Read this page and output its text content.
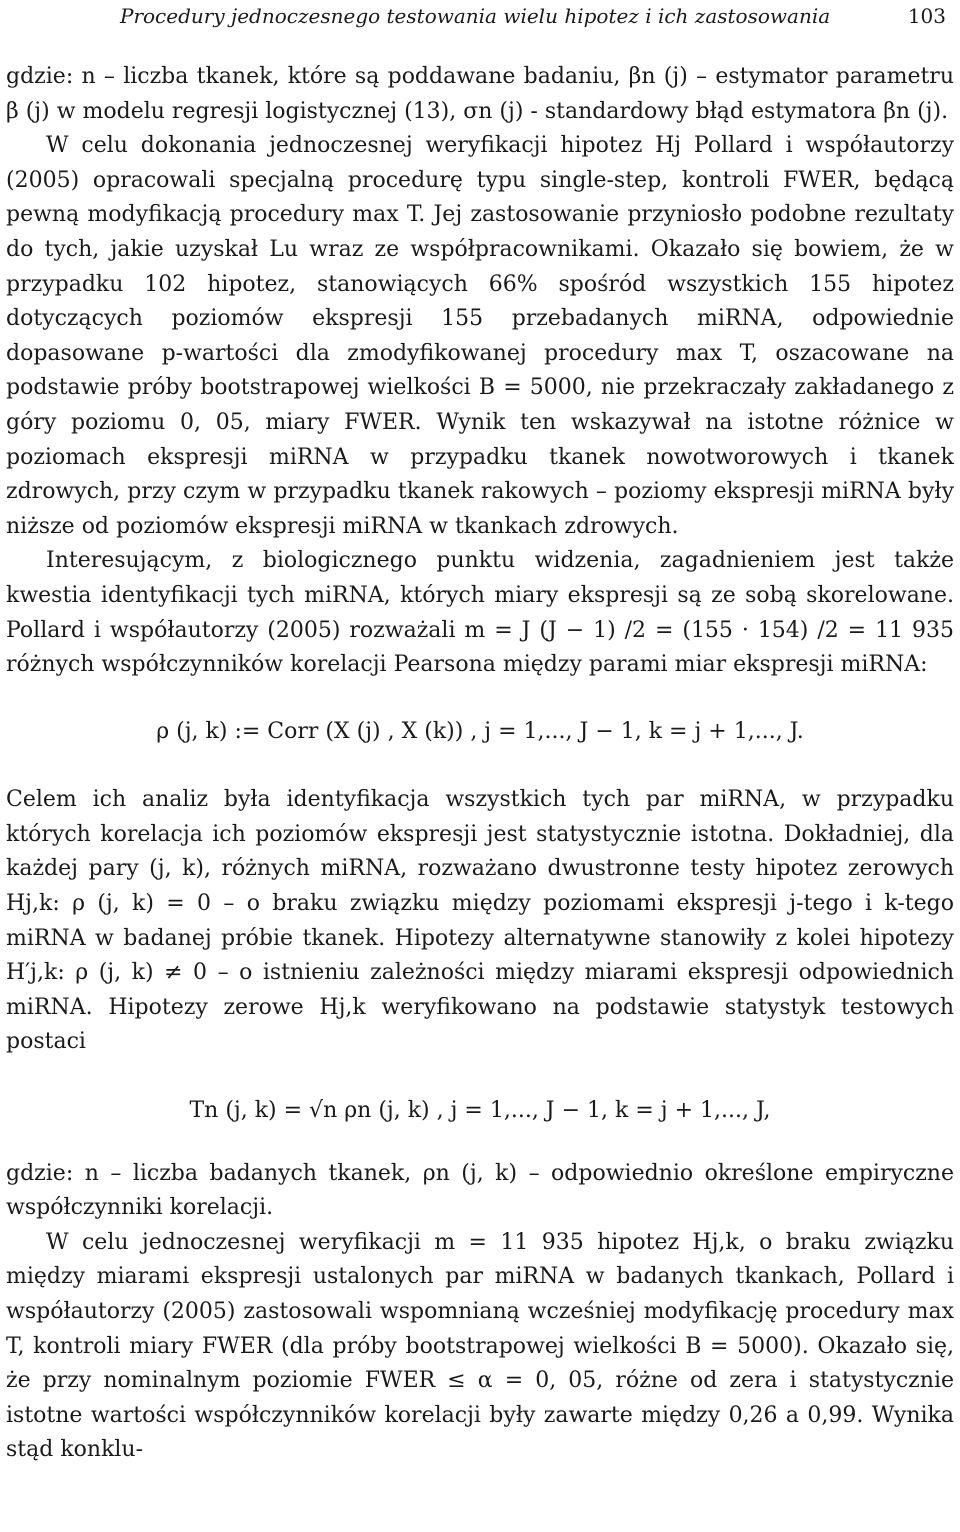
Procedury jednoczesnego testowania wielu hipotez i ich zastosowania	103

gdzie: n – liczba tkanek, które są poddawane badaniu, βn (j) – estymator parametru β (j) w modelu regresji logistycznej (13), σn (j) - standardowy błąd estymatora βn (j).

W celu dokonania jednoczesnej weryfikacji hipotez Hj Pollard i współautorzy (2005) opracowali specjalną procedurę typu single-step, kontroli FWER, będącą pewną modyfikacją procedury max T. Jej zastosowanie przyniosło podobne rezultaty do tych, jakie uzyskał Lu wraz ze współpracownikami. Okazało się bowiem, że w przypadku 102 hipotez, stanowiących 66% spośród wszystkich 155 hipotez dotyczących poziomów ekspresji 155 przebadanych miRNA, odpowiednie dopasowane p-wartości dla zmodyfikowanej procedury max T, oszacowane na podstawie próby bootstrapowej wielkości B = 5000, nie przekraczały zakładanego z góry poziomu 0, 05, miary FWER. Wynik ten wskazywał na istotne różnice w poziomach ekspresji miRNA w przypadku tkanek nowotworowych i tkanek zdrowych, przy czym w przypadku tkanek rakowych – poziomy ekspresji miRNA były niższe od poziomów ekspresji miRNA w tkankach zdrowych.

Interesującym, z biologicznego punktu widzenia, zagadnieniem jest także kwestia identyfikacji tych miRNA, których miary ekspresji są ze sobą skorelowane. Pollard i współautorzy (2005) rozważali m = J (J − 1) /2 = (155 · 154) /2 = 11 935 różnych współczynników korelacji Pearsona między parami miar ekspresji miRNA:

ρ (j, k) := Corr (X (j) , X (k)) , j = 1,..., J − 1, k = j + 1,..., J.

Celem ich analiz była identyfikacja wszystkich tych par miRNA, w przypadku których korelacja ich poziomów ekspresji jest statystycznie istotna. Dokładniej, dla każdej pary (j, k), różnych miRNA, rozważano dwustronne testy hipotez zerowych Hj,k: ρ (j, k) = 0 – o braku związku między poziomami ekspresji j-tego i k-tego miRNA w badanej próbie tkanek. Hipotezy alternatywne stanowiły z kolei hipotezy H′j,k: ρ (j, k) ≠ 0 – o istnieniu zależności między miarami ekspresji odpowiednich miRNA. Hipotezy zerowe Hj,k weryfikowano na podstawie statystyk testowych postaci

Tn (j, k) = √n ρn (j, k) , j = 1,..., J − 1, k = j + 1,..., J,

gdzie: n – liczba badanych tkanek, ρn (j, k) – odpowiednio określone empiryczne współczynniki korelacji.

W celu jednoczesnej weryfikacji m = 11 935 hipotez Hj,k, o braku związku między miarami ekspresji ustalonych par miRNA w badanych tkankach, Pollard i współautorzy (2005) zastosowali wspomnianą wcześniej modyfikację procedury max T, kontroli miary FWER (dla próby bootstrapowej wielkości B = 5000). Okazało się, że przy nominalnym poziomie FWER ≤ α = 0, 05, różne od zera i statystycznie istotne wartości współczynników korelacji były zawarte między 0,26 a 0,99. Wynika stąd konklu-
